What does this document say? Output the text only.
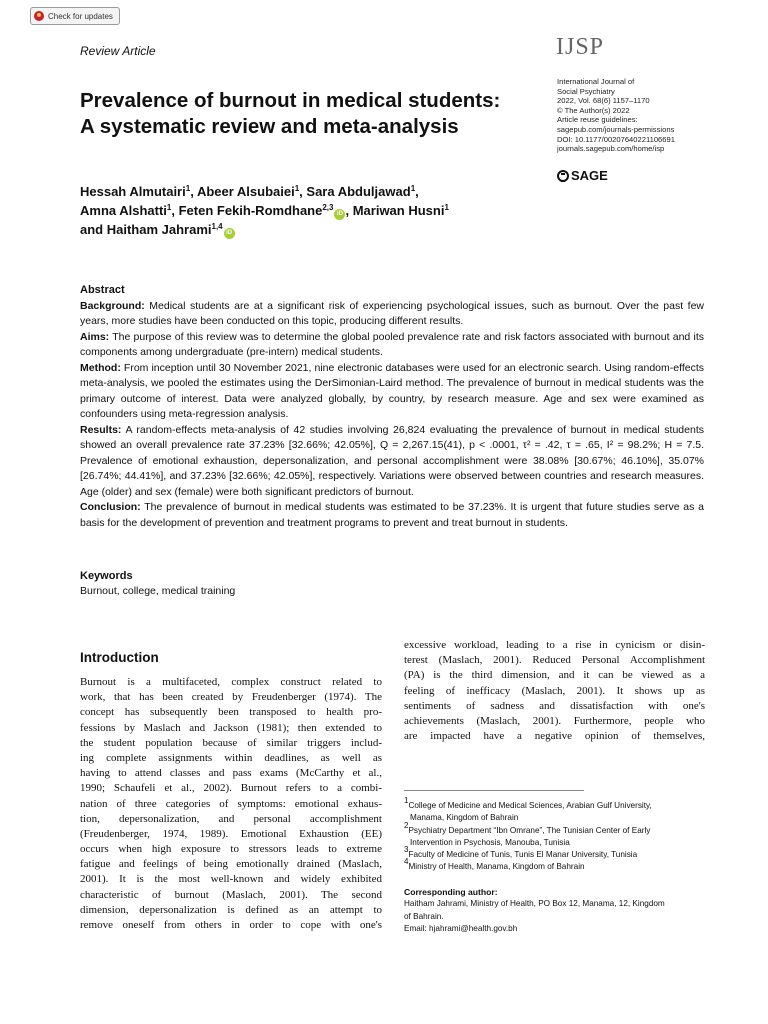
Check for updates
Review Article	IJSP
International Journal of
Social Psychiatry
2022, Vol. 68(6) 1157–1170
© The Author(s) 2022
Article reuse guidelines:
sagepub.com/journals-permissions
DOI: 10.1177/00207640221106691
journals.sagepub.com/home/isp
SAGE
Prevalence of burnout in medical students:
A systematic review and meta-analysis
Hessah Almutairi$^1$, Abeer Alsubaiei$^1$, Sara Abduljawad$^1$,
Amna Alshatti$^1$, Feten Fekih-Romdhane$^{2,3}$iD , Mariwan Husni$^1$
and Haitham Jahrami$^{1,4}$iD
Abstract

Background: Medical students are at a significant risk of experiencing psychological issues, such as burnout. Over the past few years, more studies have been conducted on this topic, producing different results.

Aims: The purpose of this review was to determine the global pooled prevalence rate and risk factors associated with burnout and its components among undergraduate (pre-intern) medical students.

Method: From inception until 30 November 2021, nine electronic databases were used for an electronic search. Using random-effects meta-analysis, we pooled the estimates using the DerSimonian-Laird method. The prevalence of burnout in medical students was the primary outcome of interest. Data were analyzed globally, by country, by research measure. Age and sex were examined as confounders using meta-regression analysis.

Results: A random-effects meta-analysis of 42 studies involving 26,824 evaluating the prevalence of burnout in medical students showed an overall prevalence rate 37.23% [32.66%; 42.05%], Q = 2,267.15(41), p < .0001, τ² = .42, τ = .65, I² = 98.2%; H = 7.5. Prevalence of emotional exhaustion, depersonalization, and personal accomplishment were 38.08% [30.67%; 46.10%], 35.07% [26.74%; 44.41%], and 37.23% [32.66%; 42.05%], respectively. Variations were observed between countries and research measures. Age (older) and sex (female) were both significant predictors of burnout.

Conclusion: The prevalence of burnout in medical students was estimated to be 37.23%. It is urgent that future studies serve as a basis for the development of prevention and treatment programs to prevent and treat burnout in students.

Keywords
Burnout, college, medical training
Introduction
Burnout is a multifaceted, complex construct related to
work, that has been created by Freudenberger (1974). The
concept has subsequently been transposed to health pro-
fessions by Maslach and Jackson (1981); then extended to
the student population because of similar triggers includ-
ing complete assignments within deadlines, as well as
having to attend classes and pass exams (McCarthy et al.,
1990; Schaufeli et al., 2002). Burnout refers to a combi-
nation of three categories of symptoms: emotional exhaus-
tion, depersonalization, and personal accomplishment
(Freudenberger, 1974, 1989). Emotional Exhaustion (EE)
occurs when high exposure to stressors leads to extreme
fatigue and feelings of being emotionally drained (Maslach,
2001). It is the most well-known and widely exhibited
characteristic of burnout (Maslach, 2001). The second
dimension, depersonalization is defined as an attempt to
remove oneself from others in order to cope with one's
excessive workload, leading to a rise in cynicism or disin-
terest (Maslach, 2001). Reduced Personal Accomplishment
(PA) is the third dimension, and it can be viewed as a
feeling of inefficacy (Maslach, 2001). It shows up as
sentiments of sadness and dissatisfaction with one's
achievements (Maslach, 2001). Furthermore, people who
are impacted have a negative opinion of themselves,
$^1$College of Medicine and Medical Sciences, Arabian Gulf University,
Manama, Kingdom of Bahrain
$^2$Psychiatry Department “Ibn Omrane”, The Tunisian Center of Early
Intervention in Psychosis, Manouba, Tunisia
$^3$Faculty of Medicine of Tunis, Tunis El Manar University, Tunisia
$^4$Ministry of Health, Manama, Kingdom of Bahrain
Corresponding author:
Haitham Jahrami, Ministry of Health, PO Box 12, Manama, 12, Kingdom
of Bahrain.
Email: hjahrami@health.gov.bh
